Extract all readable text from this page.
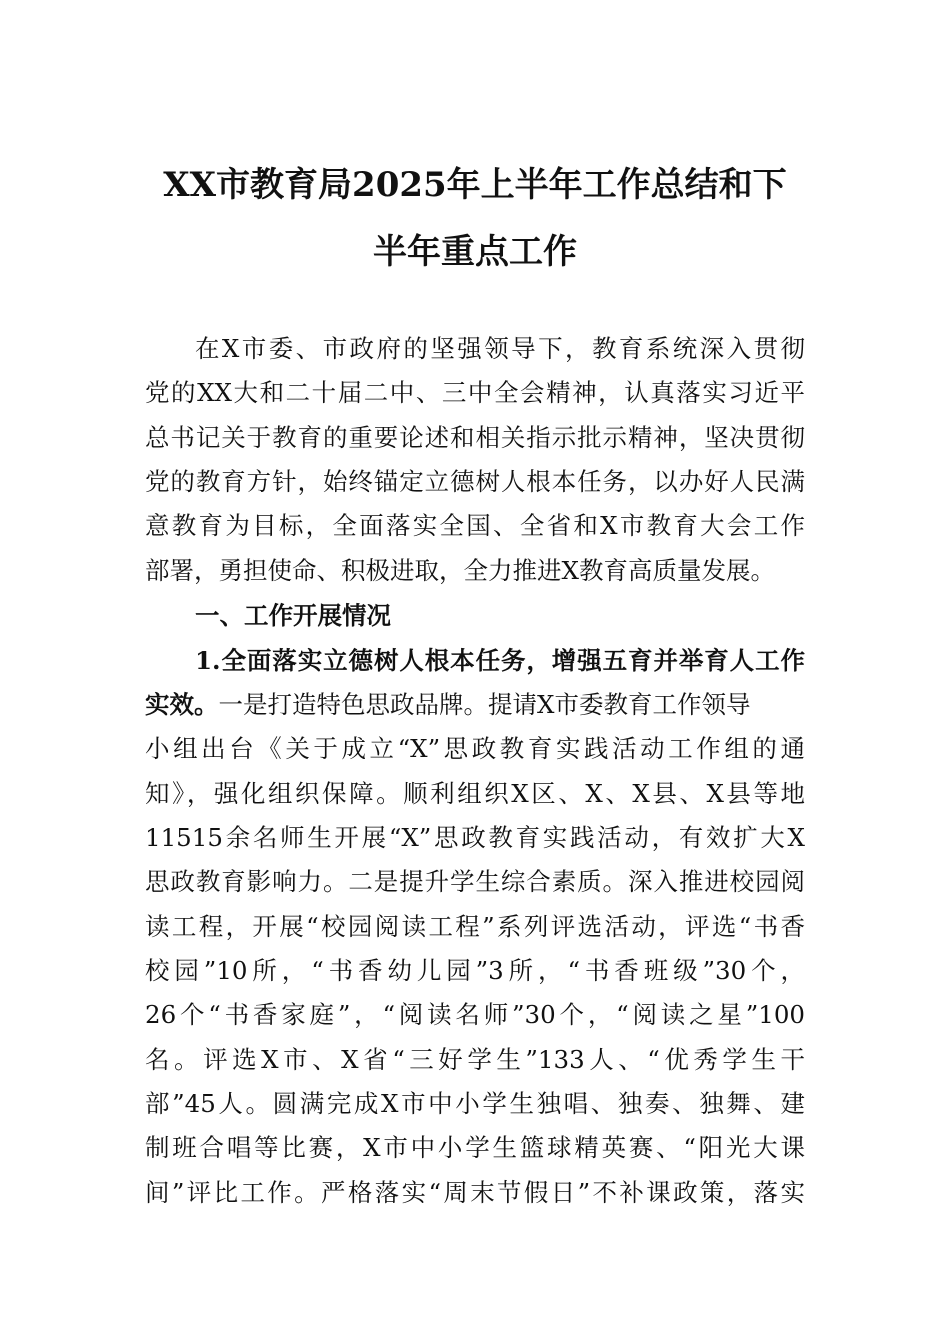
XX市教育局2025年上半年工作总结和下
半年重点工作
在X市委、市政府的坚强领导下，教育系统深入贯彻
党的XX大和二十届二中、三中全会精神，认真落实习近平
总书记关于教育的重要论述和相关指示批示精神，坚决贯彻
党的教育方针，始终锚定立德树人根本任务，以办好人民满
意教育为目标，全面落实全国、全省和X市教育大会工作
部署，勇担使命、积极进取，全力推进X教育高质量发展。
一、工作开展情况
1.全面落实立德树人根本任务，增强五育并举育人工作
实效。一是打造特色思政品牌。提请X市委教育工作领导
小组出台《关于成立“X”思政教育实践活动工作组的通
知》，强化组织保障。顺利组织X区、X、X县、X县等地
11515余名师生开展“X”思政教育实践活动，有效扩大X
思政教育影响力。二是提升学生综合素质。深入推进校园阅
读工程，开展“校园阅读工程”系列评选活动，评选“书香
校园”10所，“书香幼儿园”3所，“书香班级”30个，
26个“书香家庭”，“阅读名师”30个，“阅读之星”100
名。评选X市、X省“三好学生”133人、“优秀学生干
部”45人。圆满完成X市中小学生独唱、独奏、独舞、建
制班合唱等比赛，X市中小学生篮球精英赛、“阳光大课
间”评比工作。严格落实“周末节假日”不补课政策，落实
